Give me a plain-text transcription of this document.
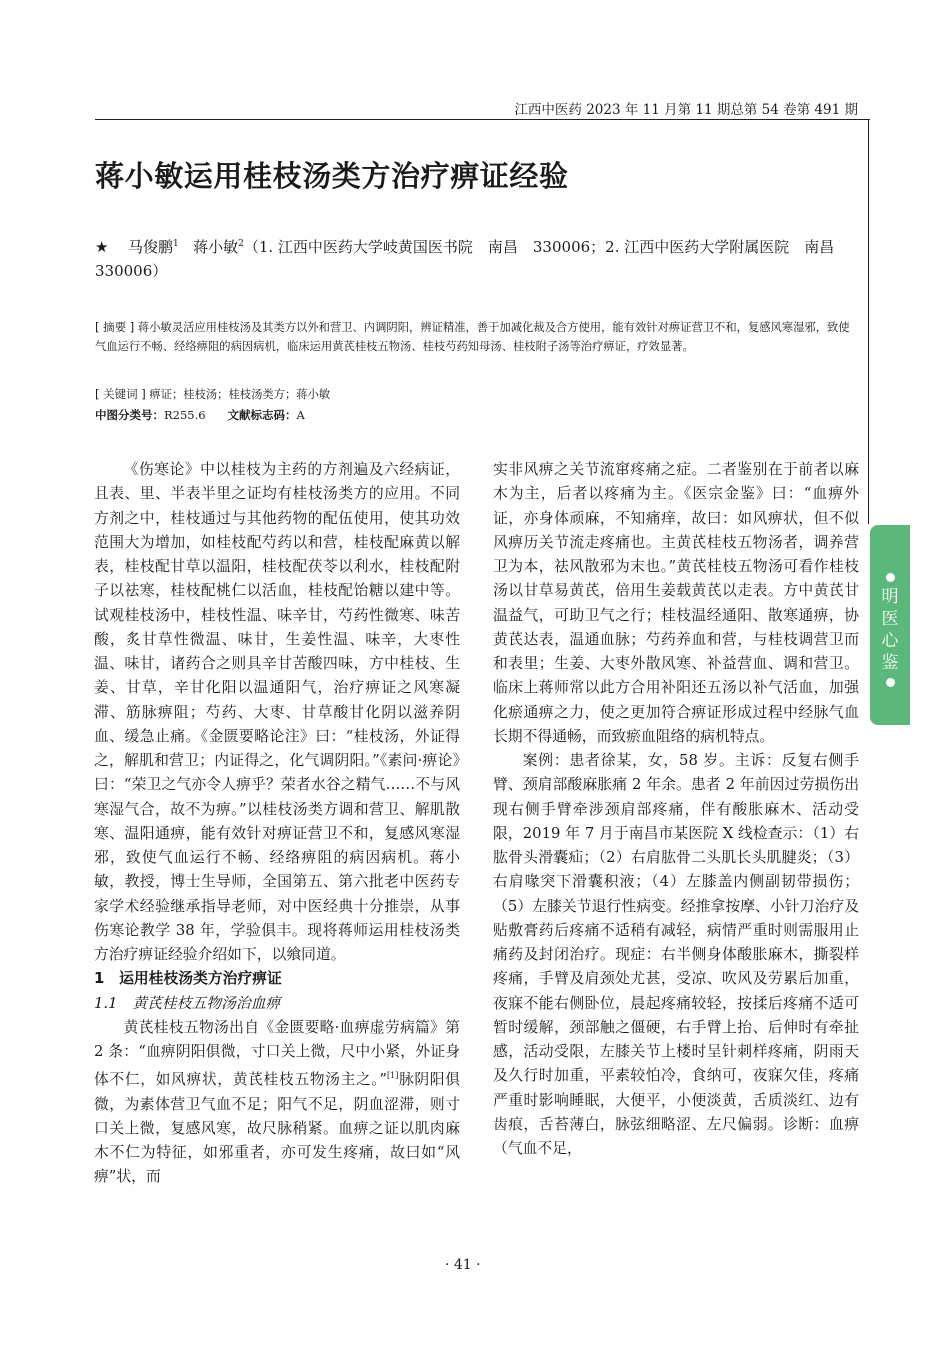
江西中医药 2023 年 11 月第 11 期总第 54 卷第 491 期
蒋小敏运用桂枝汤类方治疗痹证经验
★ 马俊鹏$^1$ 蒋小敏$^2$（1. 江西中医药大学岐黄国医书院　南昌　330006；2. 江西中医药大学附属医院　南昌　330006）
[ 摘要 ] 蒋小敏灵活应用桂枝汤及其类方以外和营卫、内调阴阳，辨证精准，善于加减化裁及合方使用，能有效针对痹证营卫不和，复感风寒湿邪，致使气血运行不畅、经络痹阻的病因病机，临床运用黄芪桂枝五物汤、桂枝芍药知母汤、桂枝附子汤等治疗痹证，疗效显著。
[ 关键词 ] 痹证；桂枝汤；桂枝汤类方；蒋小敏
中图分类号：R255.6 文献标志码：A

《伤寒论》中以桂枝为主药的方剂遍及六经病证，且表、里、半表半里之证均有桂枝汤类方的应用。不同方剂之中，桂枝通过与其他药物的配伍使用，使其功效范围大为增加，如桂枝配芍药以和营，桂枝配麻黄以解表，桂枝配甘草以温阳，桂枝配茯苓以利水，桂枝配附子以祛寒，桂枝配桃仁以活血，桂枝配饴糖以建中等。试观桂枝汤中，桂枝性温、味辛甘，芍药性微寒、味苦酸，炙甘草性微温、味甘，生姜性温、味辛，大枣性温、味甘，诸药合之则具辛甘苦酸四味，方中桂枝、生姜、甘草，辛甘化阳以温通阳气，治疗痹证之风寒凝滞、筋脉痹阻；芍药、大枣、甘草酸甘化阴以滋养阴血、缓急止痛。《金匮要略论注》曰：“桂枝汤，外证得之，解肌和营卫；内证得之，化气调阴阳。”《素问·痹论》曰：“荣卫之气亦令人痹乎？荣者水谷之精气……不与风寒湿气合，故不为痹。”以桂枝汤类方调和营卫、解肌散寒、温阳通痹，能有效针对痹证营卫不和，复感风寒湿邪，致使气血运行不畅、经络痹阻的病因病机。蒋小敏，教授，博士生导师，全国第五、第六批老中医药专家学术经验继承指导老师，对中医经典十分推崇，从事伤寒论教学 38 年，学验俱丰。现将蒋师运用桂枝汤类方治疗痹证经验介绍如下，以飨同道。

1　运用桂枝汤类方治疗痹证
1.1　黄芪桂枝五物汤治血痹

黄芪桂枝五物汤出自《金匮要略·血痹虚劳病篇》第 2 条：“血痹阴阳俱微，寸口关上微，尺中小紧，外证身体不仁，如风痹状，黄芪桂枝五物汤主之。”[1]脉阴阳俱微，为素体营卫气血不足；阳气不足，阴血涩滞，则寸口关上微，复感风寒，故尺脉稍紧。血痹之证以肌肉麻木不仁为特征，如邪重者，亦可发生疼痛，故曰如“风痹”状，而

实非风痹之关节流窜疼痛之症。二者鉴别在于前者以麻木为主，后者以疼痛为主。《医宗金鉴》曰：“血痹外证，亦身体顽麻，不知痛痒，故曰：如风痹状，但不似风痹历关节流走疼痛也。主黄芪桂枝五物汤者，调养营卫为本，祛风散邪为末也。”黄芪桂枝五物汤可看作桂枝汤以甘草易黄芪，倍用生姜载黄芪以走表。方中黄芪甘温益气，可助卫气之行；桂枝温经通阳、散寒通痹，协黄芪达表，温通血脉；芍药养血和营，与桂枝调营卫而和表里；生姜、大枣外散风寒、补益营血、调和营卫。临床上蒋师常以此方合用补阳还五汤以补气活血，加强化瘀通痹之力，使之更加符合痹证形成过程中经脉气血长期不得通畅，而致瘀血阻络的病机特点。

案例：患者徐某，女，58 岁。主诉：反复右侧手臂、颈肩部酸麻胀痛 2 年余。患者 2 年前因过劳损伤出现右侧手臂牵涉颈肩部疼痛，伴有酸胀麻木、活动受限，2019 年 7 月于南昌市某医院 X 线检查示：（1）右肱骨头滑囊疝；（2）右肩肱骨二头肌长头肌腱炎；（3）右肩喙突下滑囊积液；（4）左膝盖内侧副韧带损伤；（5）左膝关节退行性病变。经推拿按摩、小针刀治疗及贴敷膏药后疼痛不适稍有减轻，病情严重时则需服用止痛药及封闭治疗。现症：右半侧身体酸胀麻木，撕裂样疼痛，手臂及肩颈处尤甚，受凉、吹风及劳累后加重，夜寐不能右侧卧位，晨起疼痛较轻，按揉后疼痛不适可暂时缓解，颈部触之僵硬，右手臂上抬、后伸时有牵扯感，活动受限，左膝关节上楼时呈针刺样疼痛，阴雨天及久行时加重，平素较怕冷，食纳可，夜寐欠佳，疼痛严重时影响睡眠，大便平，小便淡黄，舌质淡红、边有齿痕，舌苔薄白，脉弦细略涩、左尺偏弱。诊断：血痹（气血不足，

明
医
心
鉴
· 41 ·
